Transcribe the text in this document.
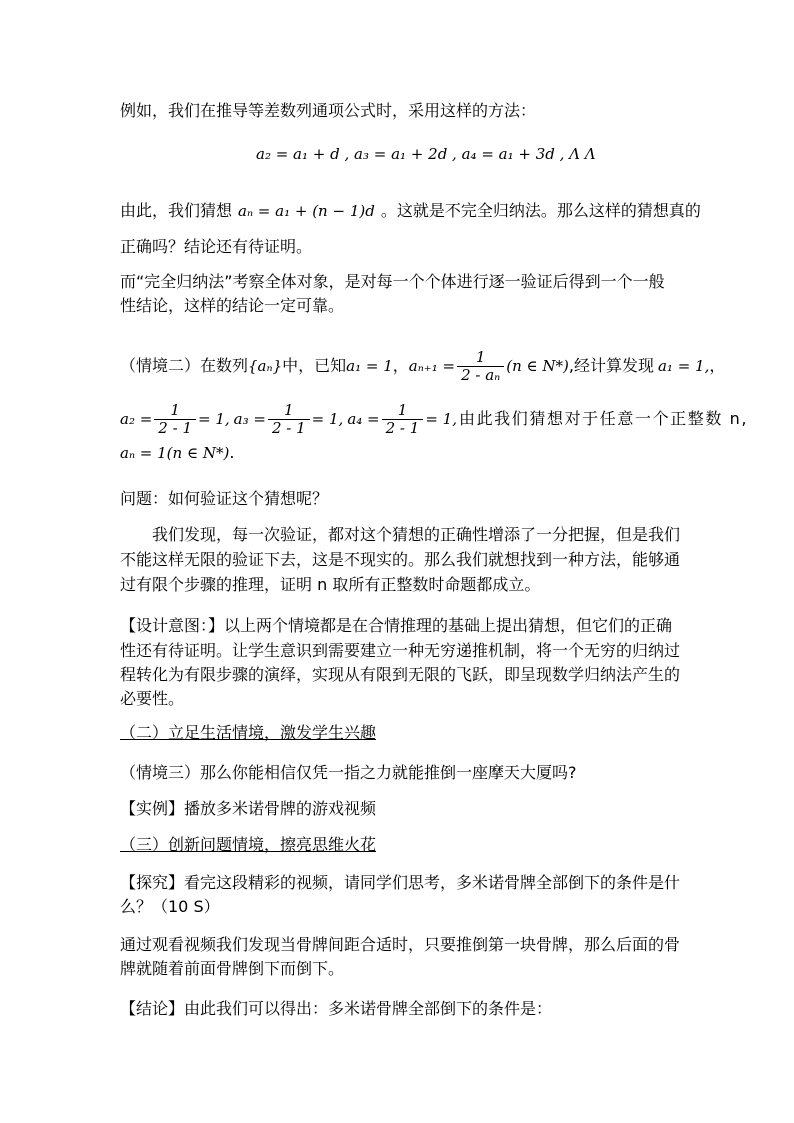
例如，我们在推导等差数列通项公式时，采用这样的方法：
a₂ = a₁ + d , a₃ = a₁ + 2d , a₄ = a₁ + 3d , Λ Λ
由此，我们猜想 aₙ = a₁ + (n − 1)d 。这就是不完全归纳法。那么这样的猜想真的
正确吗？结论还有待证明。
而“完全归纳法”考察全体对象，是对每一个个体进行逐一验证后得到一个一般
性结论，这样的结论一定可靠。
（情境二）在数列{aₙ}中，已知a₁ = 1，$a_{n+1} = \frac{1}{\text{2 - aₙ}} (n$ ∈ N*),经计算发现 a₁ = 1,，
$a_2 = \frac{1}{2 - 1} = 1$, $a_3 = \frac{1}{2 - 1} = 1$, $a_4 = \frac{1}{2 - 1} = 1$, 由此我们猜想对于任意一个正整数 n,
aₙ = 1(n ∈ N*).
问题：如何验证这个猜想呢？
我们发现，每一次验证，都对这个猜想的正确性增添了一分把握，但是我们
不能这样无限的验证下去，这是不现实的。那么我们就想找到一种方法，能够通
过有限个步骤的推理，证明 n 取所有正整数时命题都成立。
【设计意图：】以上两个情境都是在合情推理的基础上提出猜想，但它们的正确
性还有待证明。让学生意识到需要建立一种无穷递推机制，将一个无穷的归纳过
程转化为有限步骤的演绎，实现从有限到无限的飞跃，即呈现数学归纳法产生的
必要性。
（二）立足生活情境，激发学生兴趣
（情境三）那么你能相信仅凭一指之力就能推倒一座摩天大厦吗?
【实例】播放多米诺骨牌的游戏视频
（三）创新问题情境，擦亮思维火花
【探究】看完这段精彩的视频，请同学们思考，多米诺骨牌全部倒下的条件是什
么？（10 S）
通过观看视频我们发现当骨牌间距合适时，只要推倒第一块骨牌，那么后面的骨
牌就随着前面骨牌倒下而倒下。
【结论】由此我们可以得出：多米诺骨牌全部倒下的条件是：
